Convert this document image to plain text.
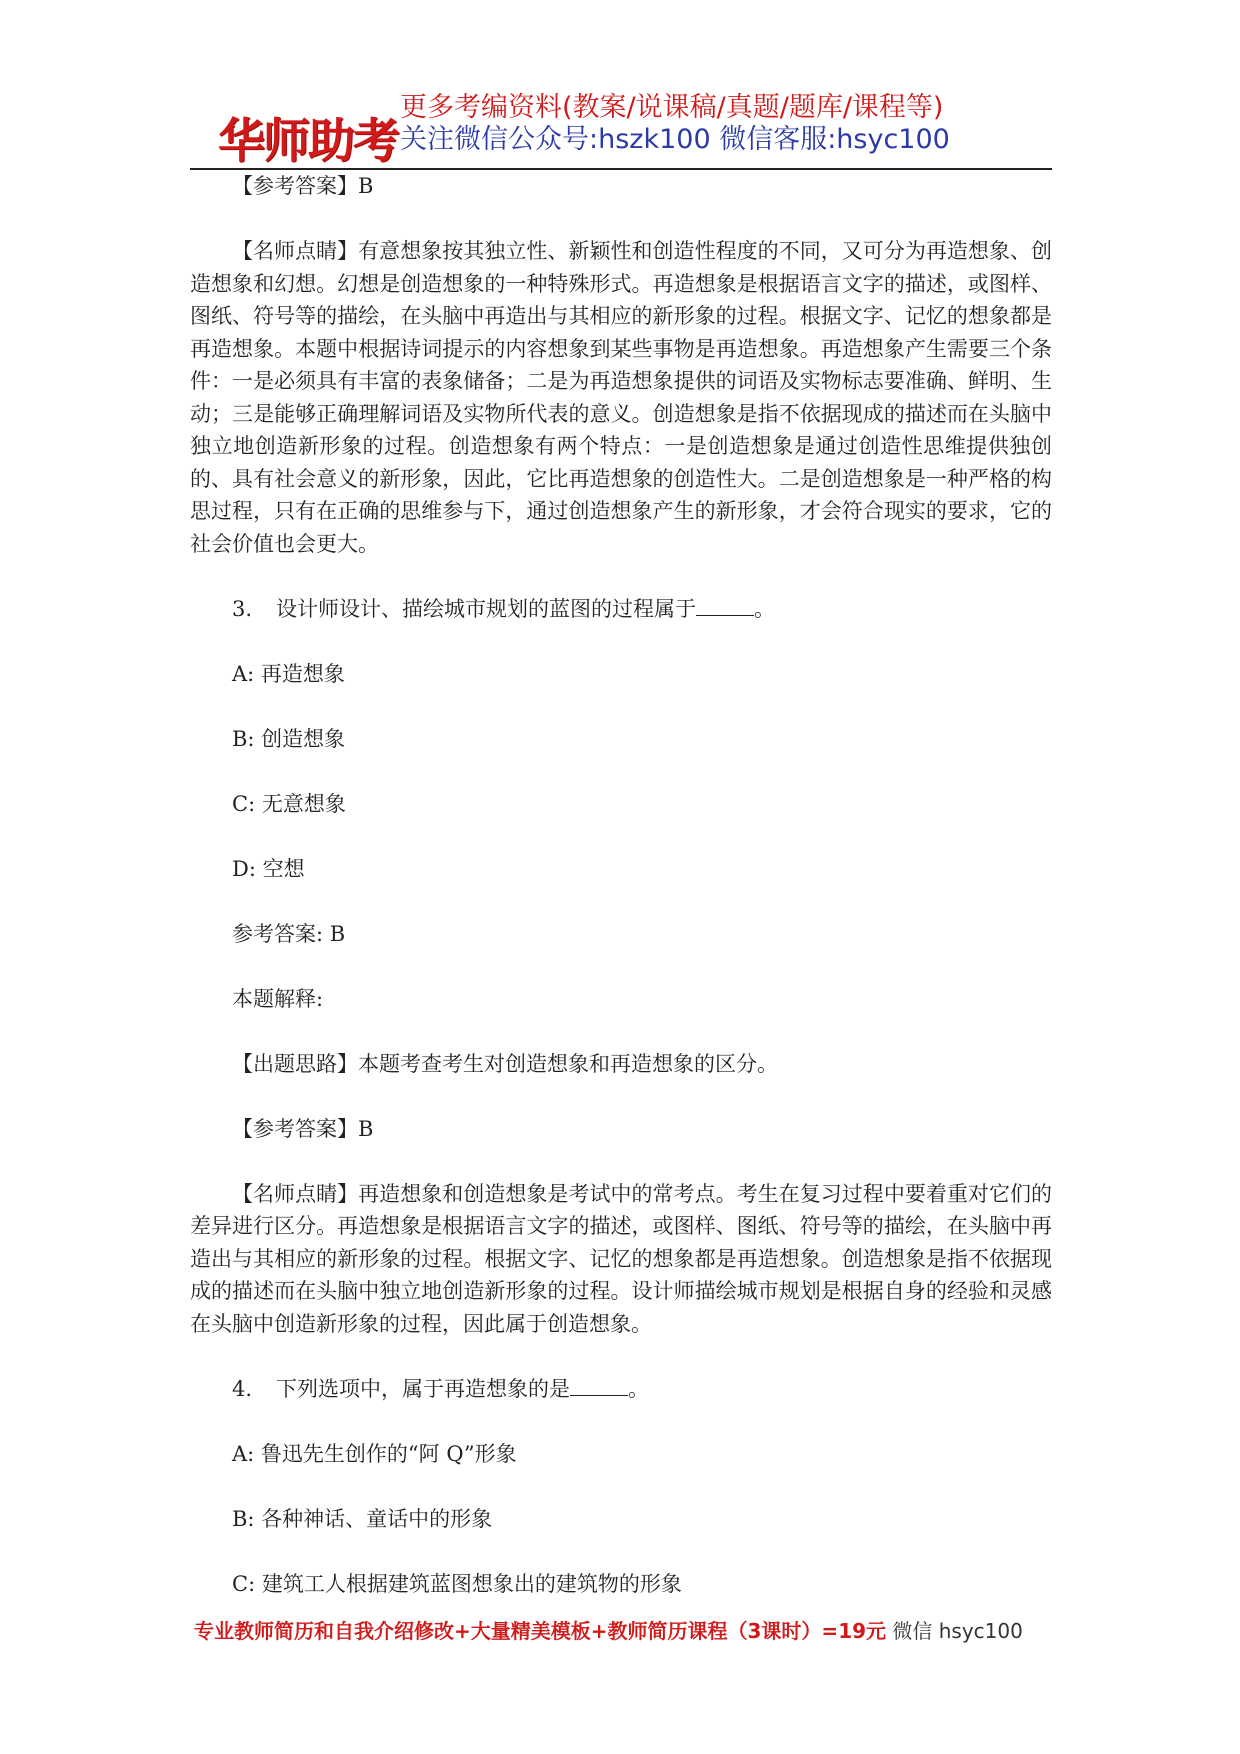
华师助考
更多考编资料(教案/说课稿/真题/题库/课程等)
关注微信公众号:hszk100 微信客服:hsyc100

【参考答案】B

【名师点睛】有意想象按其独立性、新颖性和创造性程度的不同，又可分为再造想象、创造想象和幻想。幻想是创造想象的一种特殊形式。再造想象是根据语言文字的描述，或图样、图纸、符号等的描绘，在头脑中再造出与其相应的新形象的过程。根据文字、记忆的想象都是再造想象。本题中根据诗词提示的内容想象到某些事物是再造想象。再造想象产生需要三个条件：一是必须具有丰富的表象储备；二是为再造想象提供的词语及实物标志要准确、鲜明、生动；三是能够正确理解词语及实物所代表的意义。创造想象是指不依据现成的描述而在头脑中独立地创造新形象的过程。创造想象有两个特点：一是创造想象是通过创造性思维提供独创的、具有社会意义的新形象，因此，它比再造想象的创造性大。二是创造想象是一种严格的构思过程，只有在正确的思维参与下，通过创造想象产生的新形象，才会符合现实的要求，它的社会价值也会更大。

3. 设计师设计、描绘城市规划的蓝图的过程属于	。

A: 再造想象

B: 创造想象

C: 无意想象

D: 空想

参考答案: B

本题解释:

【出题思路】本题考查考生对创造想象和再造想象的区分。

【参考答案】B

【名师点睛】再造想象和创造想象是考试中的常考点。考生在复习过程中要着重对它们的差异进行区分。再造想象是根据语言文字的描述，或图样、图纸、符号等的描绘，在头脑中再造出与其相应的新形象的过程。根据文字、记忆的想象都是再造想象。创造想象是指不依据现成的描述而在头脑中独立地创造新形象的过程。设计师描绘城市规划是根据自身的经验和灵感在头脑中创造新形象的过程，因此属于创造想象。

4. 下列选项中，属于再造想象的是	。

A: 鲁迅先生创作的“阿 Q”形象

B: 各种神话、童话中的形象

C: 建筑工人根据建筑蓝图想象出的建筑物的形象

专业教师简历和自我介绍修改+大量精美模板+教师简历课程（3课时）=19元 微信 hsyc100
